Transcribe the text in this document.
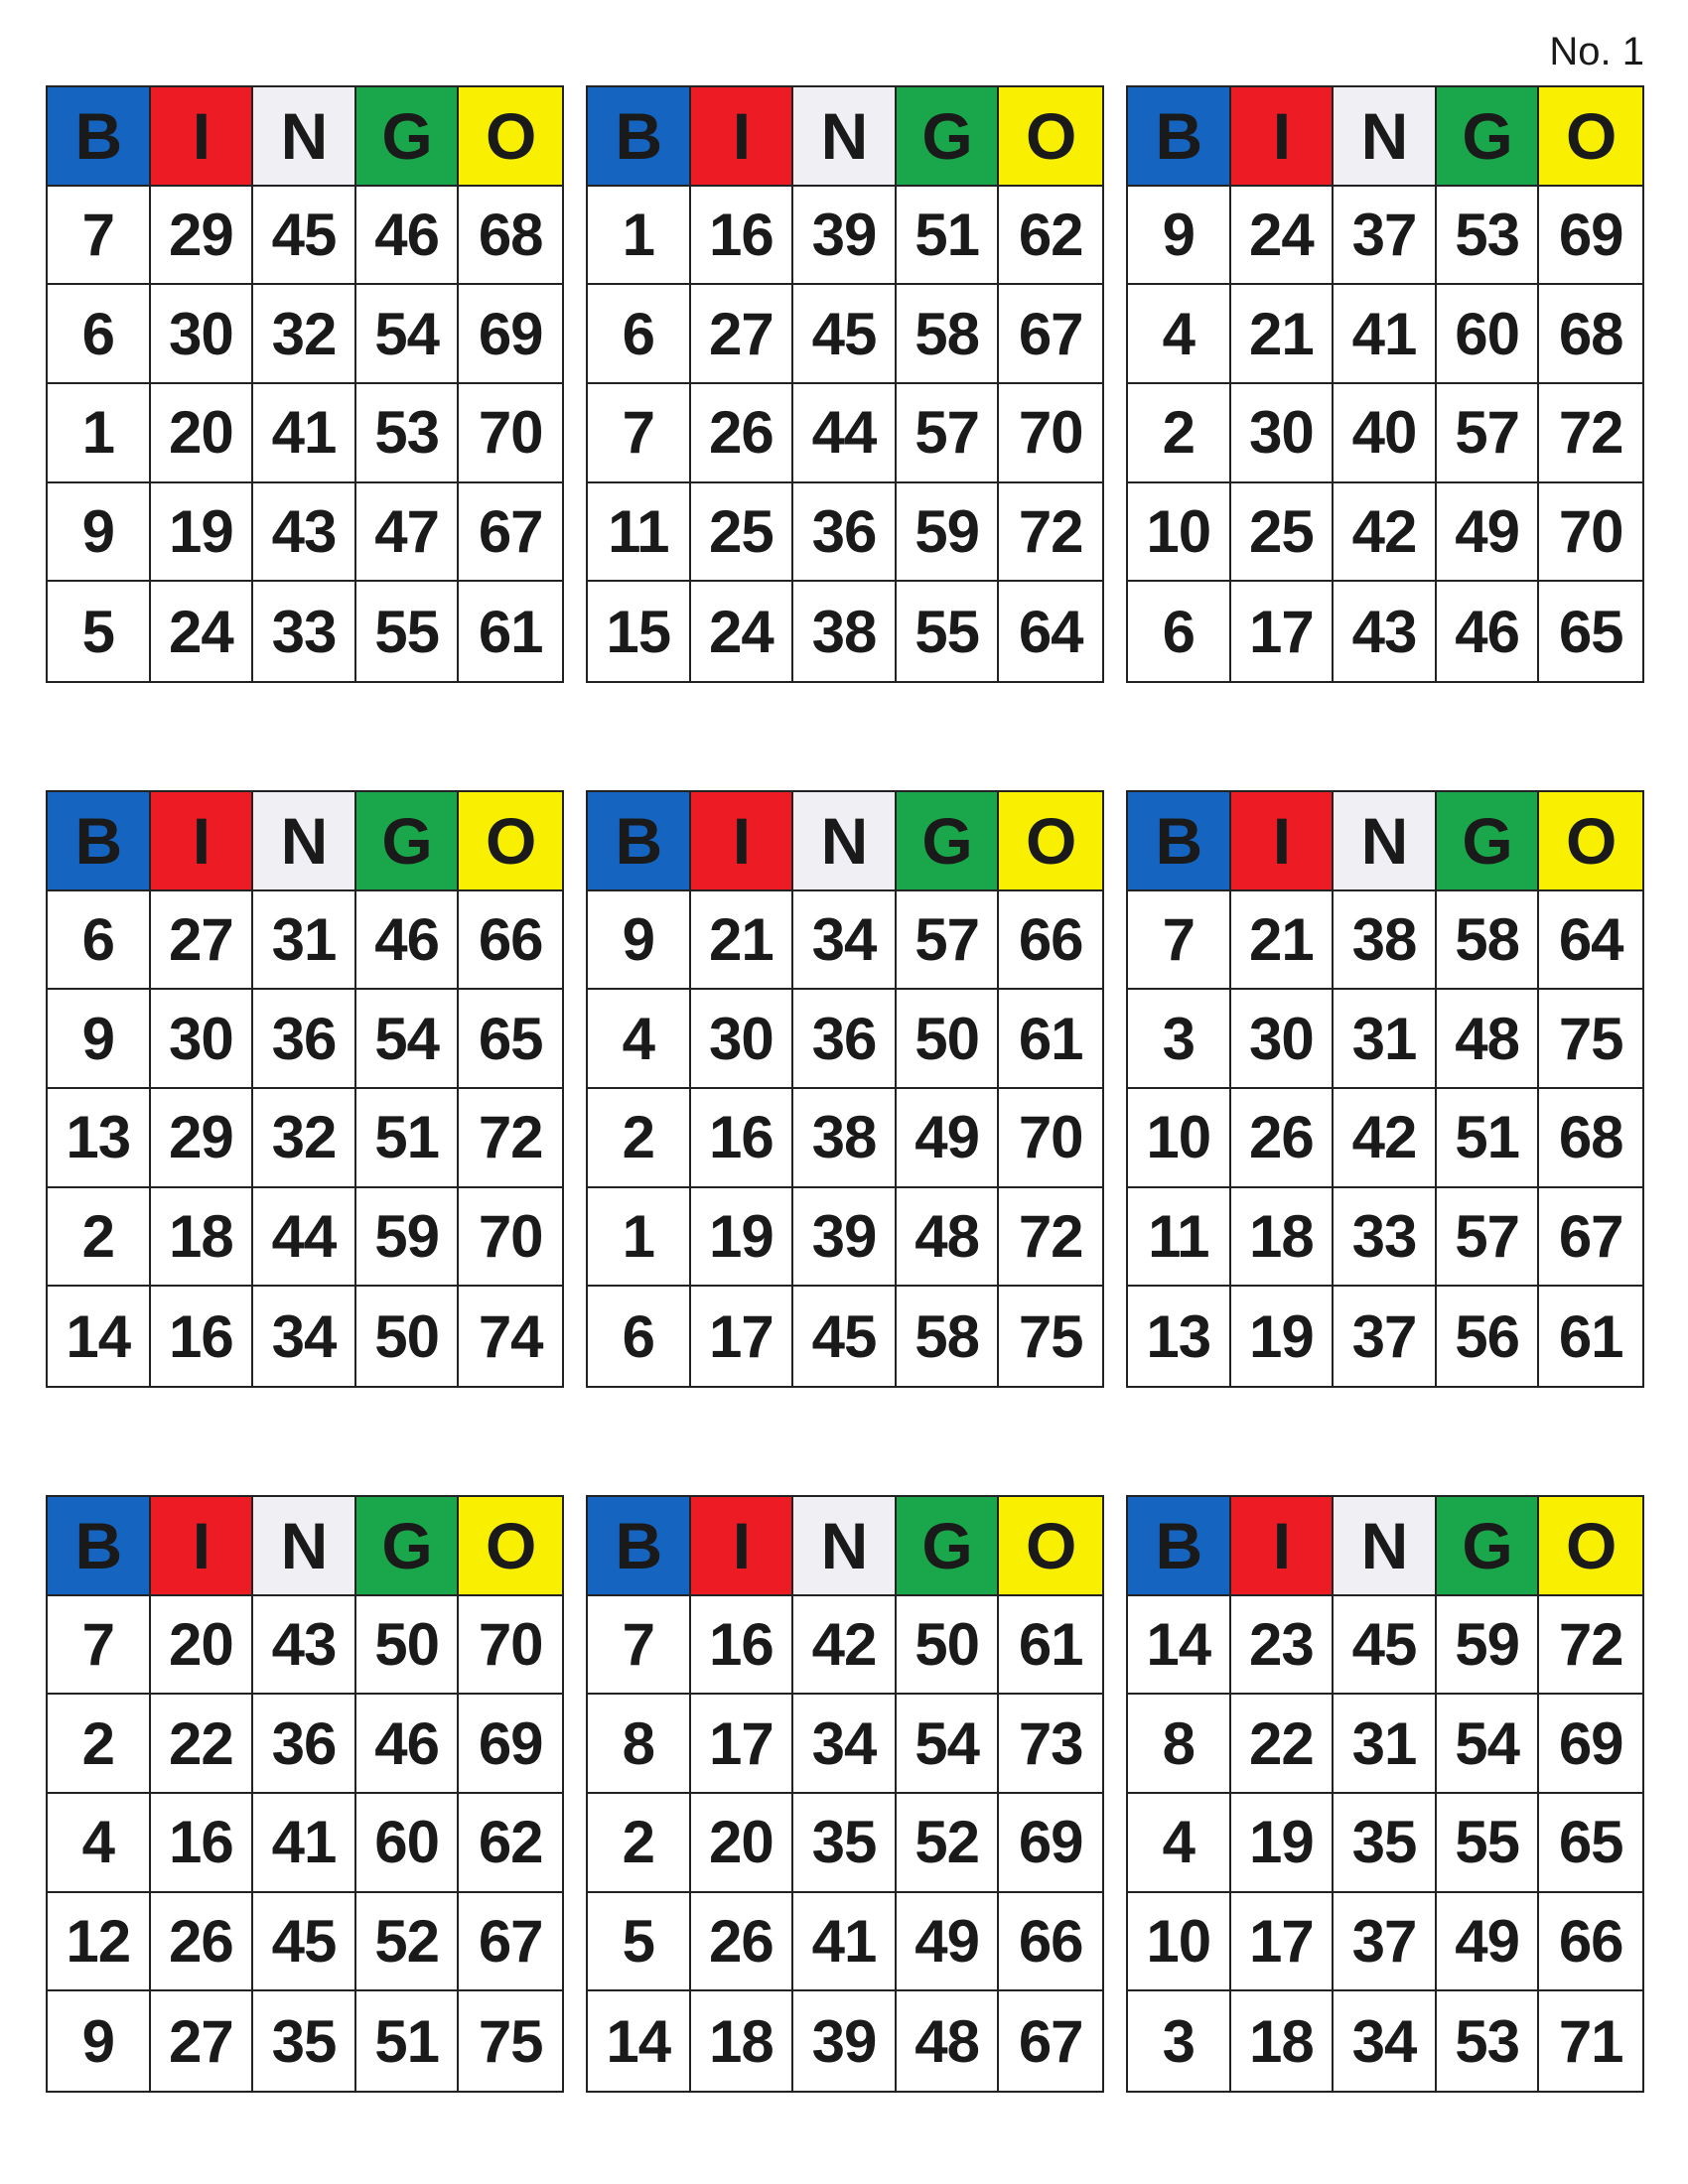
No. 1
B	I	N G O
7 29 45 46 68
6 30 32 54 69
1 20 41 53 70
9 19 43 47 67
5 24 33 55 61
B	I	N G O
1 16 39 51 62
6 27 45 58 67
7 26 44 57 70
11 25 36 59 72
15 24 38 55 64
B	I	N G O
9 24 37 53 69
4 21 41 60 68
2 30 40 57 72
10 25 42 49 70
6 17 43 46 65
B	I	N G O
6 27 31 46 66
9 30 36 54 65
13 29 32 51 72
2 18 44 59 70
14 16 34 50 74
B	I	N G O
9 21 34 57 66
4 30 36 50 61
2 16 38 49 70
1 19 39 48 72
6 17 45 58 75
B	I	N G O
7 21 38 58 64
3 30 31 48 75
10 26 42 51 68
11 18 33 57 67
13 19 37 56 61
B	I	N G O
7 20 43 50 70
2 22 36 46 69
4 16 41 60 62
12 26 45 52 67
9 27 35 51 75
B	I	N G O
7 16 42 50 61
8 17 34 54 73
2 20 35 52 69
5 26 41 49 66
14 18 39 48 67
B	I	N G O
14 23 45 59 72
8 22 31 54 69
4 19 35 55 65
10 17 37 49 66
3 18 34 53 71
